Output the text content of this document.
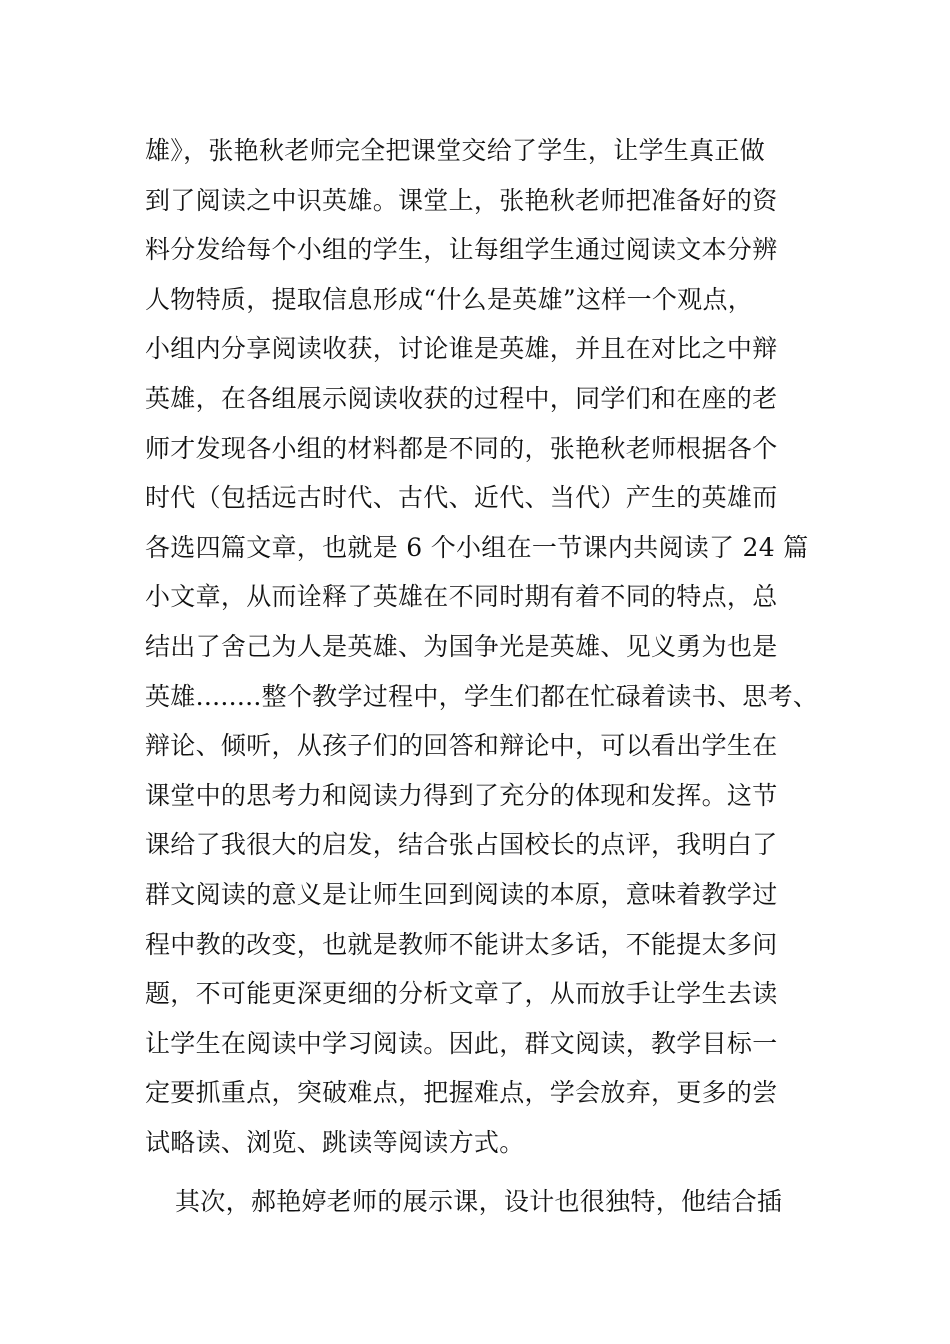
雄》，张艳秋老师完全把课堂交给了学生，让学生真正做
到了阅读之中识英雄。课堂上，张艳秋老师把准备好的资
料分发给每个小组的学生，让每组学生通过阅读文本分辨
人物特质，提取信息形成“什么是英雄”这样一个观点，
小组内分享阅读收获，讨论谁是英雄，并且在对比之中辩
英雄，在各组展示阅读收获的过程中，同学们和在座的老
师才发现各小组的材料都是不同的，张艳秋老师根据各个
时代（包括远古时代、古代、近代、当代）产生的英雄而
各选四篇文章，也就是 6 个小组在一节课内共阅读了 24 篇
小文章，从而诠释了英雄在不同时期有着不同的特点，总
结出了舍己为人是英雄、为国争光是英雄、见义勇为也是
英雄........整个教学过程中，学生们都在忙碌着读书、思考、
辩论、倾听，从孩子们的回答和辩论中，可以看出学生在
课堂中的思考力和阅读力得到了充分的体现和发挥。这节
课给了我很大的启发，结合张占国校长的点评，我明白了
群文阅读的意义是让师生回到阅读的本原，意味着教学过
程中教的改变，也就是教师不能讲太多话，不能提太多问
题，不可能更深更细的分析文章了，从而放手让学生去读
让学生在阅读中学习阅读。因此，群文阅读，教学目标一
定要抓重点，突破难点，把握难点，学会放弃，更多的尝
试略读、浏览、跳读等阅读方式。
其次，郝艳婷老师的展示课，设计也很独特，他结合插
